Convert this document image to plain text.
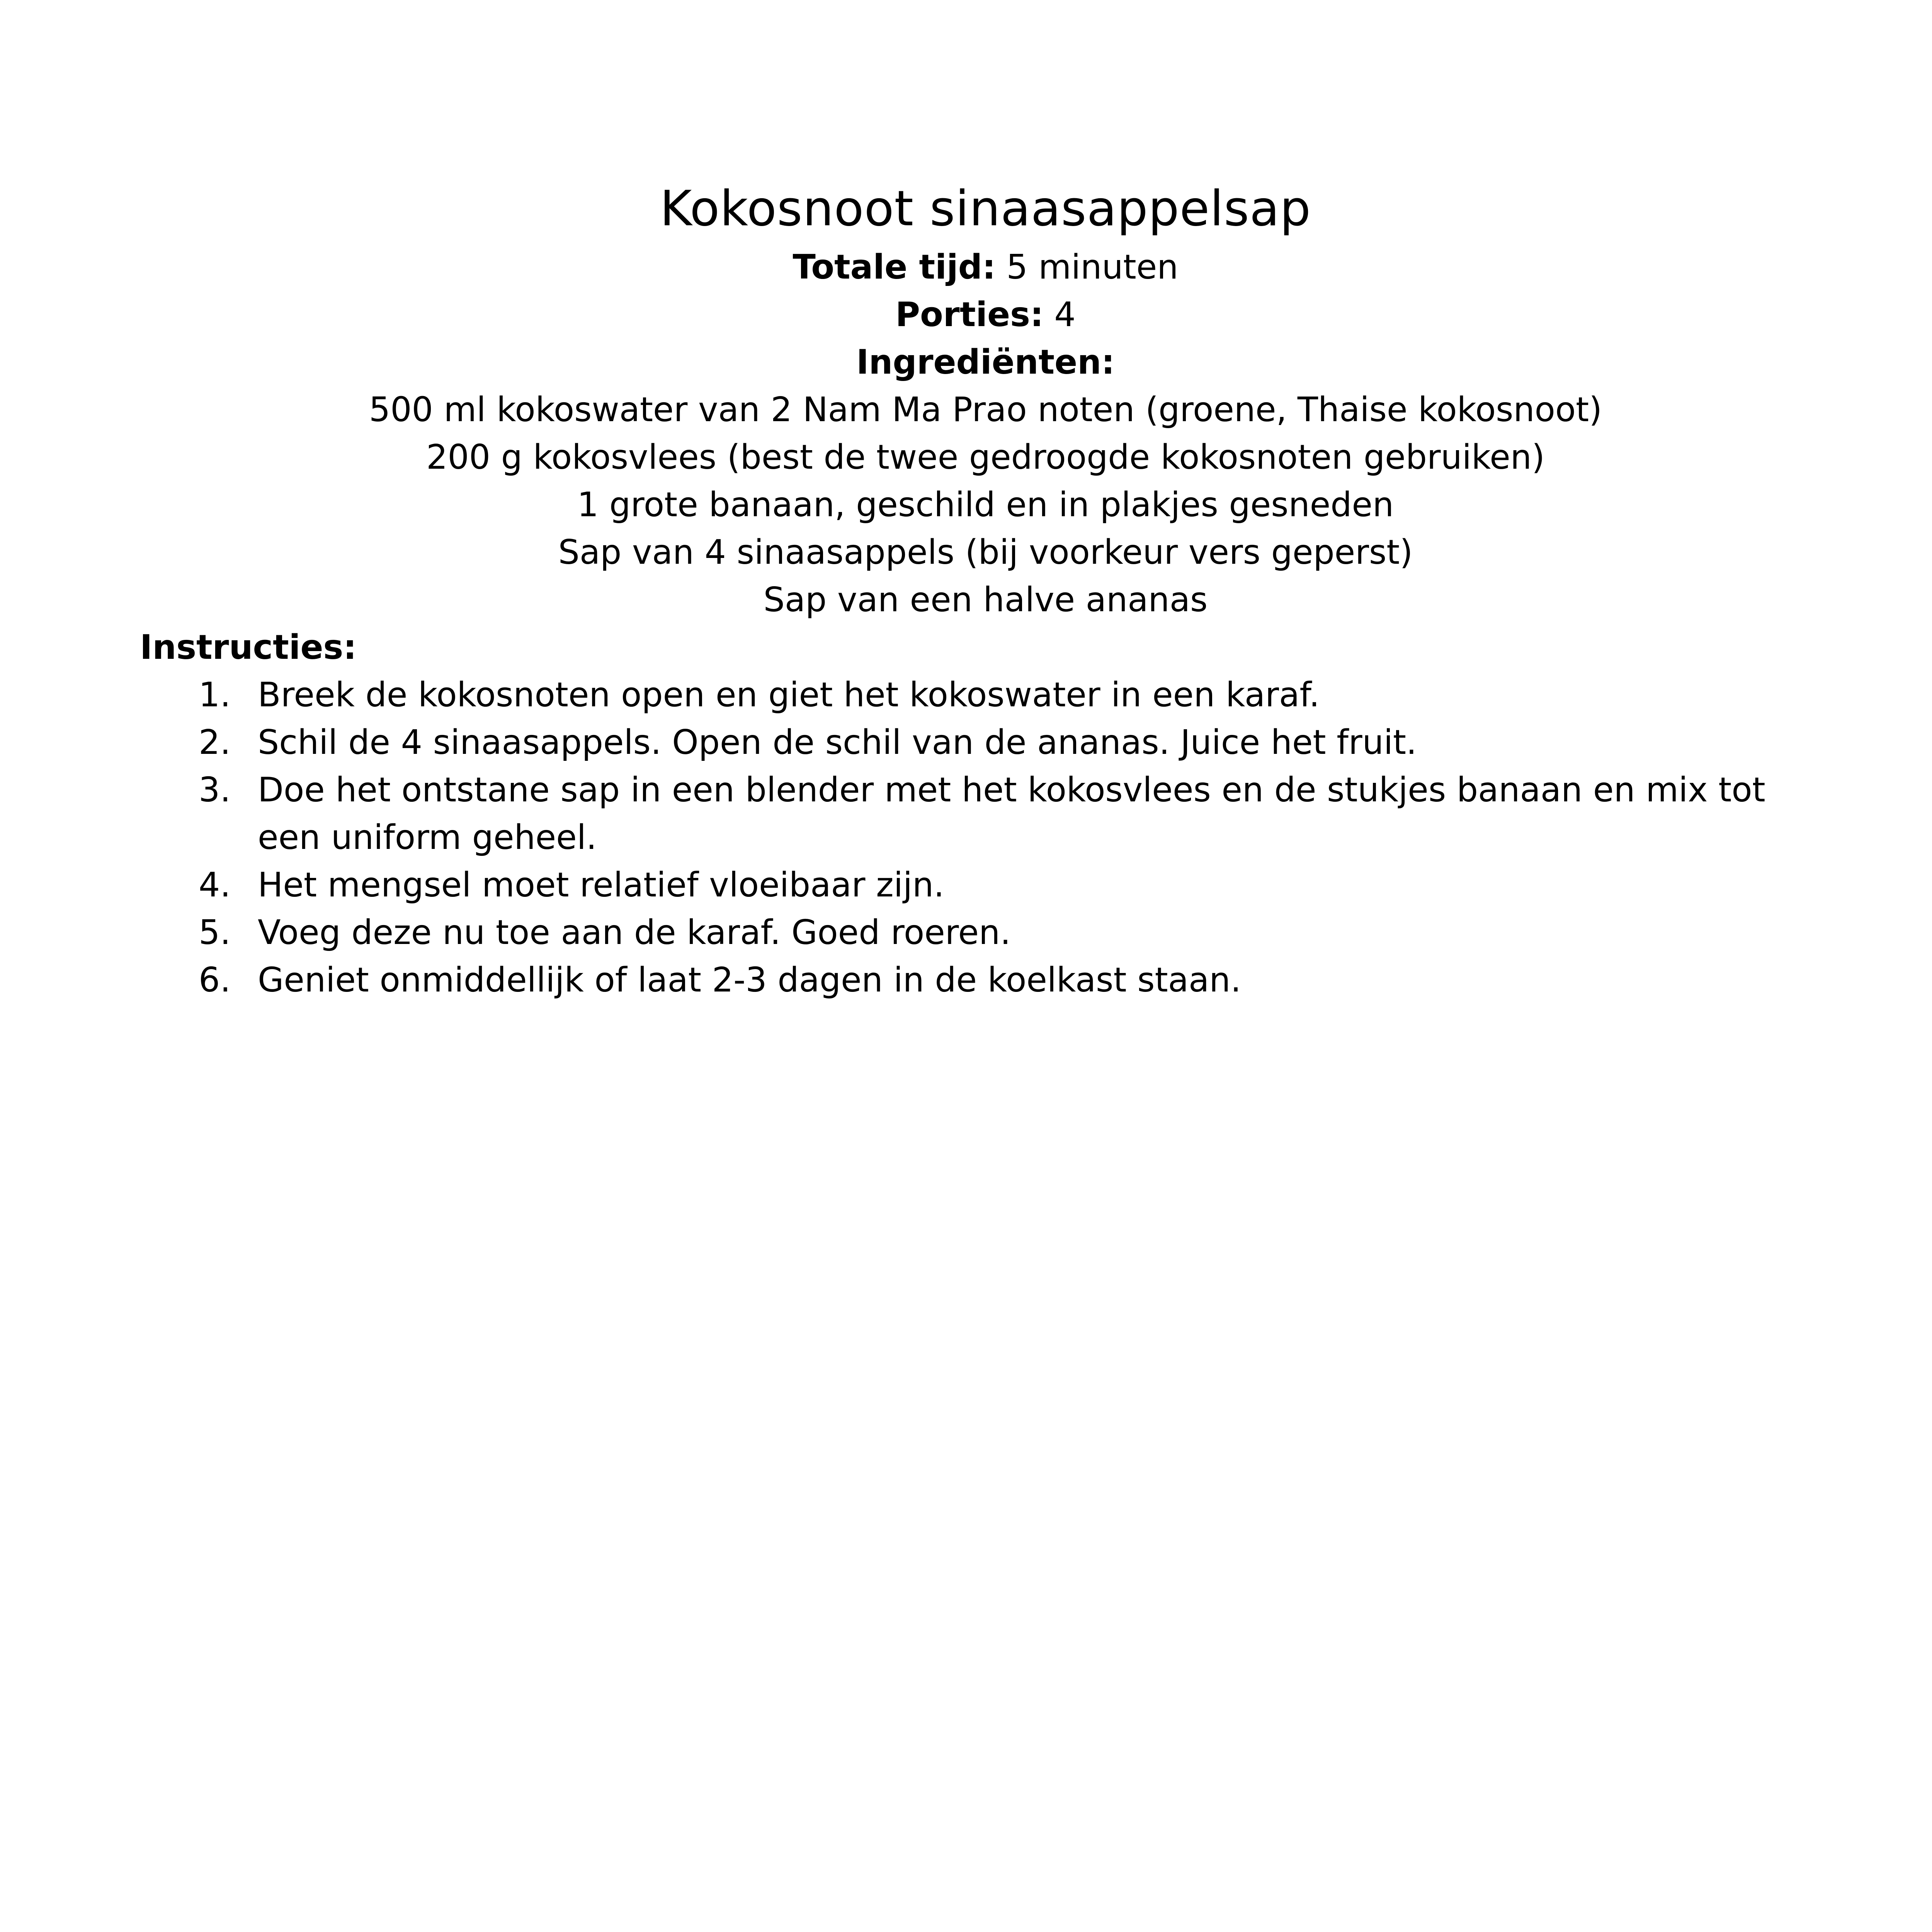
Kokosnoot sinaasappelsap
Totale tijd: 5 minuten
Porties: 4
Ingrediënten:
500 ml kokoswater van 2 Nam Ma Prao noten (groene, Thaise kokosnoot)
200 g kokosvlees (best de twee gedroogde kokosnoten gebruiken)
1 grote banaan, geschild en in plakjes gesneden
Sap van 4 sinaasappels (bij voorkeur vers geperst)
Sap van een halve ananas
Instructies:
1. Breek de kokosnoten open en giet het kokoswater in een karaf.
2. Schil de 4 sinaasappels. Open de schil van de ananas. Juice het fruit.
3. Doe het ontstane sap in een blender met het kokosvlees en de stukjes banaan en mix tot een uniform geheel.
4. Het mengsel moet relatief vloeibaar zijn.
5. Voeg deze nu toe aan de karaf. Goed roeren.
6. Geniet onmiddellijk of laat 2-3 dagen in de koelkast staan.
